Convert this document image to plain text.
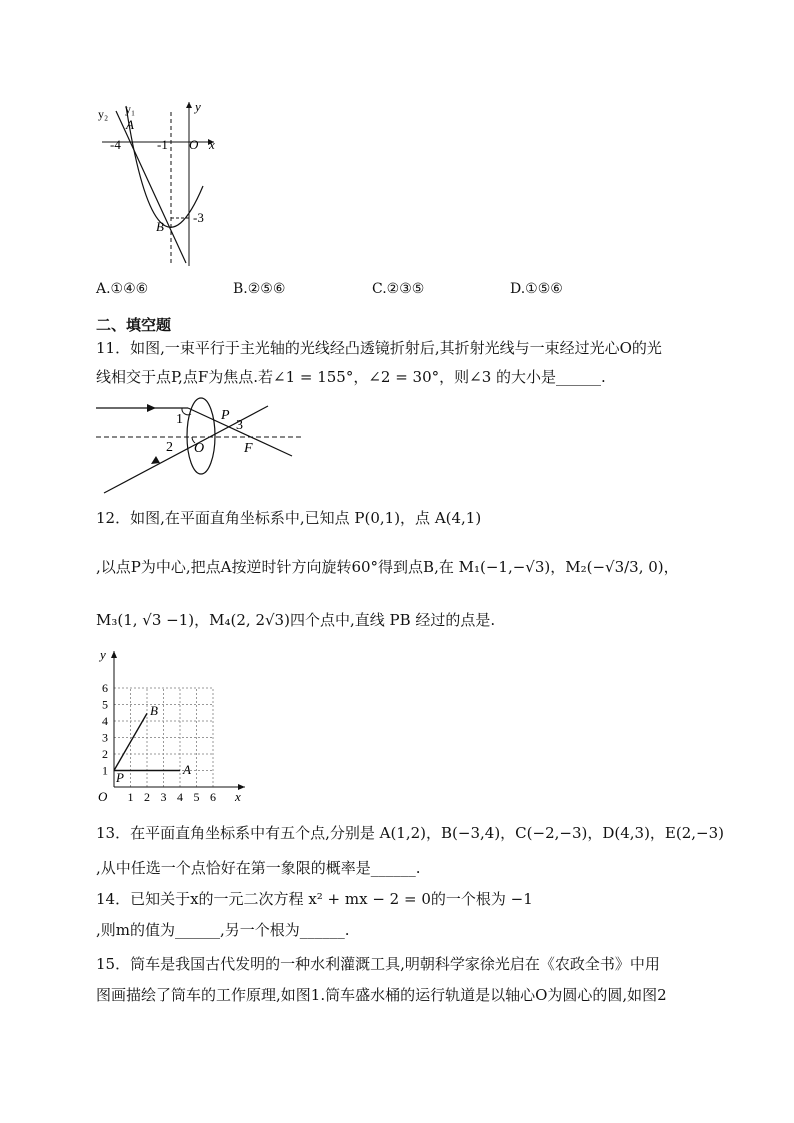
y₂ y₁	y
A
x
-4	-1 O
-3
B
A.①④⑥	B.②⑤⑥	C.②③⑤	D.①⑤⑥
二、填空题
11．如图,一束平行于主光轴的光线经凸透镜折射后,其折射光线与一束经过光心O的光
线相交于点P,点F为焦点.若∠1 = 155°，∠2 = 30°，则∠3 的大小是______.
1
2
P
3
O	F
12．如图,在平面直角坐标系中,已知点 P(0,1)，点 A(4,1)
,以点P为中心,把点A按逆时针方向旋转60°得到点B,在 M₁(−1,−√3)，M₂(−√3/3, 0)，
M₃(1, √3 −1)，M₄(2, 2√3)四个点中,直线 PB 经过的点是.
1 2 3 4 5 6
1
2
3
4
5
6
y
x
O
P
A
B
13．在平面直角坐标系中有五个点,分别是 A(1,2)，B(−3,4)，C(−2,−3)，D(4,3)，E(2,−3)
,从中任选一个点恰好在第一象限的概率是______.
14．已知关于x的一元二次方程 x² + mx − 2 = 0的一个根为 −1
,则m的值为______,另一个根为______.
15．筒车是我国古代发明的一种水利灌溉工具,明朝科学家徐光启在《农政全书》中用
图画描绘了筒车的工作原理,如图1.筒车盛水桶的运行轨道是以轴心O为圆心的圆,如图2
